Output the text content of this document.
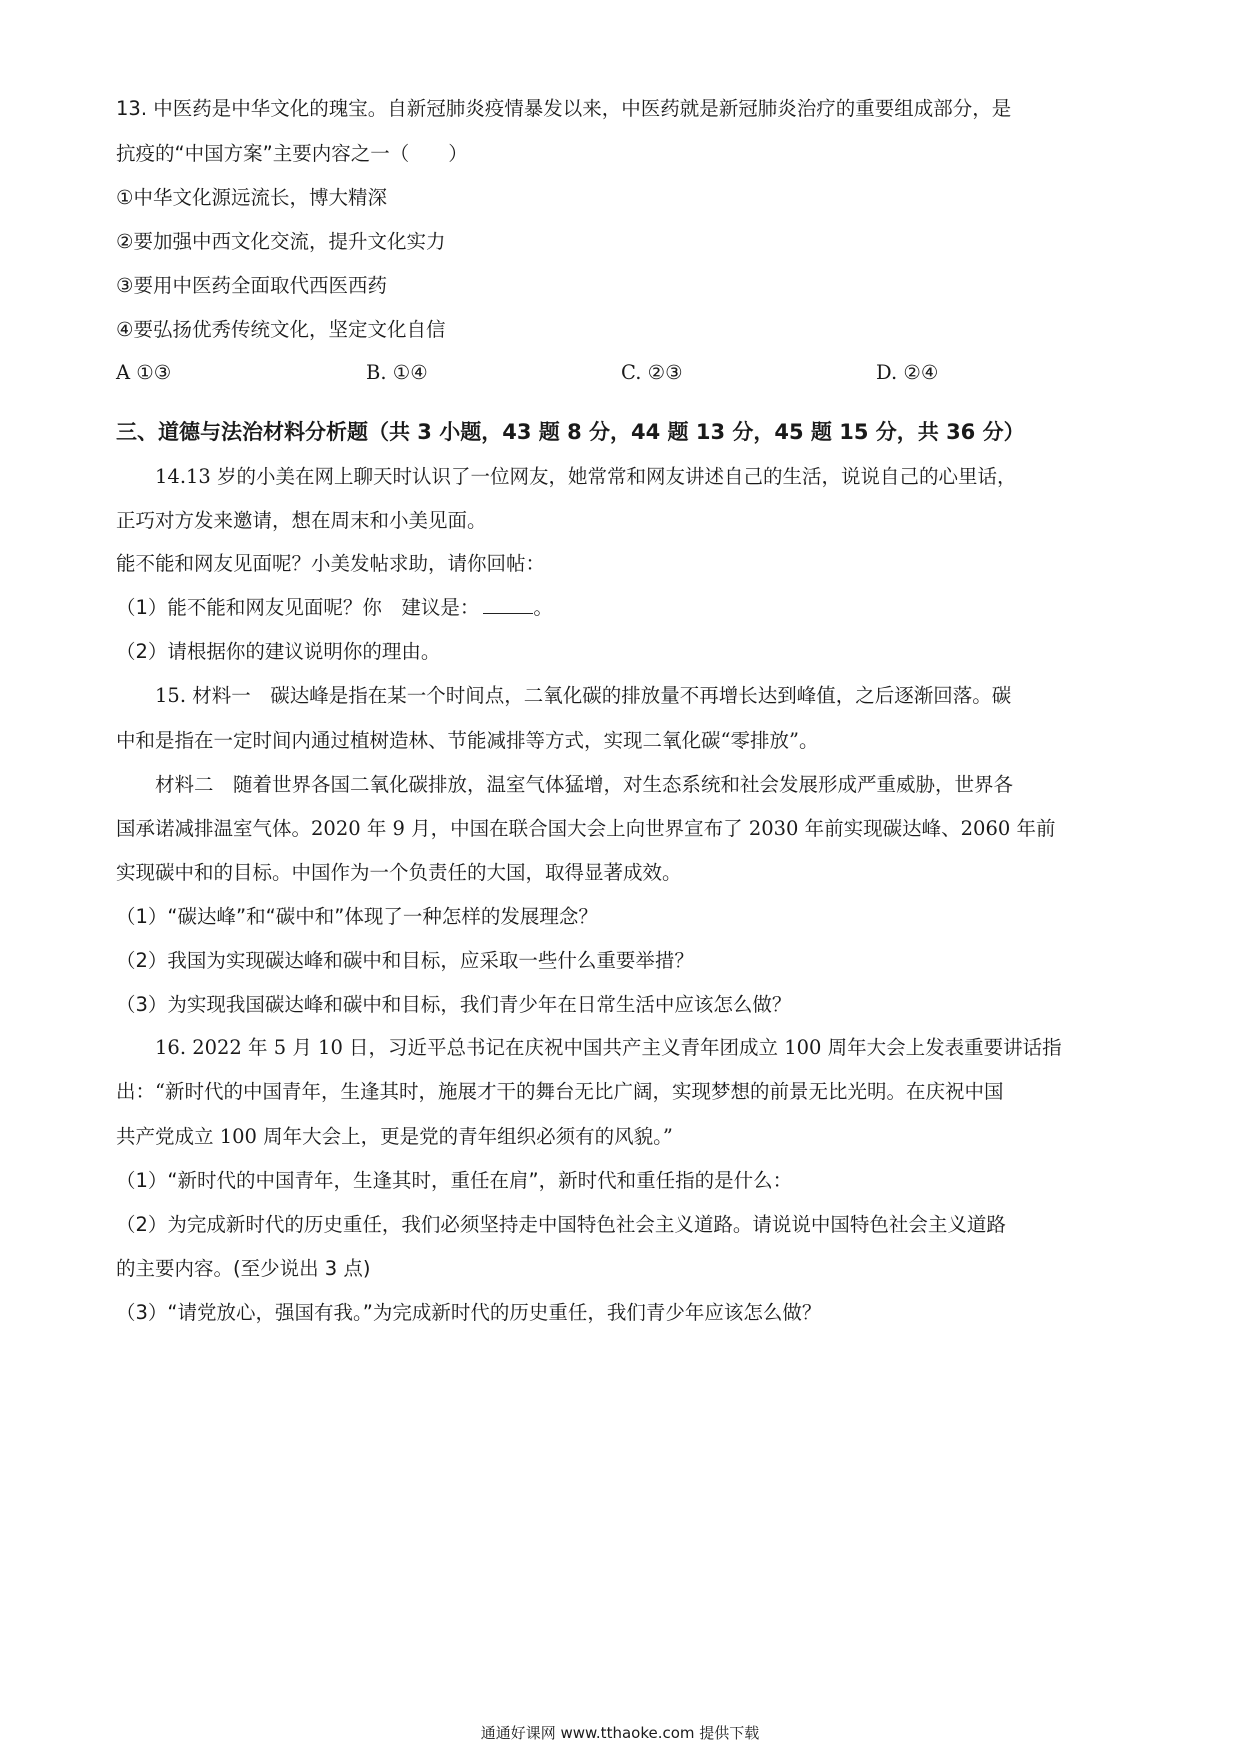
13. 中医药是中华文化的瑰宝。自新冠肺炎疫情暴发以来，中医药就是新冠肺炎治疗的重要组成部分，是
抗疫的“中国方案”主要内容之一（　　）
①中华文化源远流长，博大精深
②要加强中西文化交流，提升文化实力
③要用中医药全面取代西医西药
④要弘扬优秀传统文化，坚定文化自信
A ①③	B. ①④	C. ②③	D. ②④
三、道德与法治材料分析题（共 3 小题，43 题 8 分，44 题 13 分，45 题 15 分，共 36 分）
14.13 岁的小美在网上聊天时认识了一位网友，她常常和网友讲述自己的生活，说说自己的心里话，
正巧对方发来邀请，想在周末和小美见面。
能不能和网友见面呢？小美发帖求助，请你回帖：
（1）能不能和网友见面呢？你　建议是：	。
（2）请根据你的建议说明你的理由。
15. 材料一　碳达峰是指在某一个时间点，二氧化碳的排放量不再增长达到峰值，之后逐渐回落。碳
中和是指在一定时间内通过植树造林、节能减排等方式，实现二氧化碳“零排放”。
材料二　随着世界各国二氧化碳排放，温室气体猛增，对生态系统和社会发展形成严重威胁，世界各
国承诺减排温室气体。2020 年 9 月，中国在联合国大会上向世界宣布了 2030 年前实现碳达峰、2060 年前
实现碳中和的目标。中国作为一个负责任的大国，取得显著成效。
（1）“碳达峰”和“碳中和”体现了一种怎样的发展理念？
（2）我国为实现碳达峰和碳中和目标，应采取一些什么重要举措？
（3）为实现我国碳达峰和碳中和目标，我们青少年在日常生活中应该怎么做？
16. 2022 年 5 月 10 日，习近平总书记在庆祝中国共产主义青年团成立 100 周年大会上发表重要讲话指
出：“新时代的中国青年，生逢其时，施展才干的舞台无比广阔，实现梦想的前景无比光明。在庆祝中国
共产党成立 100 周年大会上，更是党的青年组织必须有的风貌。”
（1）“新时代的中国青年，生逢其时，重任在肩”，新时代和重任指的是什么：
（2）为完成新时代的历史重任，我们必须坚持走中国特色社会主义道路。请说说中国特色社会主义道路
的主要内容。(至少说出 3 点)
（3）“请党放心，强国有我。”为完成新时代的历史重任，我们青少年应该怎么做？
通通好课网 www.tthaoke.com 提供下载
